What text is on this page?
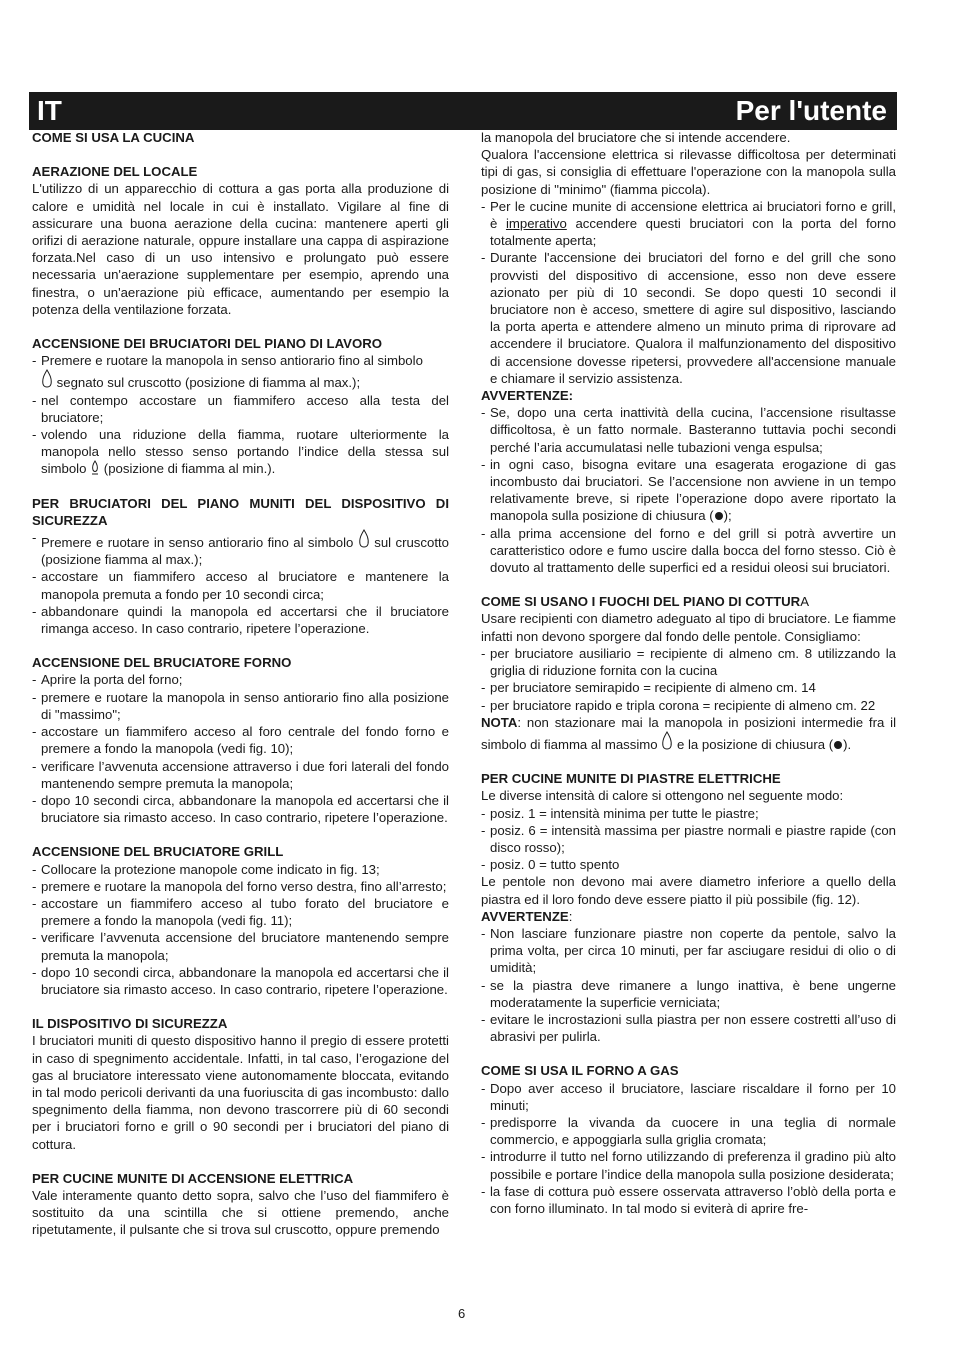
IT	Per l'utente

COME SI USA LA CUCINA

AERAZIONE DEL LOCALE

L'utilizzo di un apparecchio di cottura a gas porta alla produzione di calore e umidità nel locale in cui è installato. Vigilare al fine di assicurare una buona aerazione della cucina: mantenere aperti gli orifizi di aerazione naturale, oppure installare una cappa di aspirazione forzata.Nel caso di un uso intensivo e prolungato può essere necessaria un'aerazione supplementare per esempio, aprendo una finestra, o un'aerazione più efficace, aumentando per esempio la potenza della ventilazione forzata.

ACCENSIONE DEI BRUCIATORI DEL PIANO DI LAVORO

- Premere e ruotare la manopola in senso antiorario fino al simbolo
segnato sul cruscotto (posizione di fiamma al max.);
- nel contempo accostare un fiammifero acceso alla testa del bruciatore;
- volendo una riduzione della fiamma, ruotare ulteriormente la manopola nello stesso senso portando l’indice della stessa sul simbolo (posizione di fiamma al min.).

PER BRUCIATORI DEL PIANO MUNITI DEL DISPOSITIVO DI SICUREZZA

- Premere e ruotare in senso antiorario fino al simbolo sul cruscotto (posizione fiamma al max.);
- accostare un fiammifero acceso al bruciatore e mantenere la manopola premuta a fondo per 10 secondi circa;
- abbandonare quindi la manopola ed accertarsi che il bruciatore rimanga acceso. In caso contrario, ripetere l’operazione.

ACCENSIONE DEL BRUCIATORE FORNO

- Aprire la porta del forno;
- premere e ruotare la manopola in senso antiorario fino alla posizione di "massimo";
- accostare un fiammifero acceso al foro centrale del fondo forno e premere a fondo la manopola (vedi fig. 10);
- verificare l’avvenuta accensione attraverso i due fori laterali del fondo mantenendo sempre premuta la manopola;
- dopo 10 secondi circa, abbandonare la manopola ed accertarsi che il bruciatore sia rimasto acceso. In caso contrario, ripetere l’operazione.

ACCENSIONE DEL BRUCIATORE GRILL

- Collocare la protezione manopole come indicato in fig. 13;
- premere e ruotare la manopola del forno verso destra, fino all’arresto;
- accostare un fiammifero acceso al tubo forato del bruciatore e premere a fondo la manopola (vedi fig. 11);
- verificare l’avvenuta accensione del bruciatore mantenendo sempre premuta la manopola;
- dopo 10 secondi circa, abbandonare la manopola ed accertarsi che il bruciatore sia rimasto acceso. In caso contrario, ripetere l’operazione.

IL DISPOSITIVO DI SICUREZZA

I bruciatori muniti di questo dispositivo hanno il pregio di essere protetti in caso di spegnimento accidentale. Infatti, in tal caso, l’erogazione del gas al bruciatore interessato viene autonomamente bloccata, evitando in tal modo pericoli derivanti da una fuoriuscita di gas incombusto: dallo spegnimento della fiamma, non devono trascorrere più di 60 secondi per i bruciatori forno e grill o 90 secondi per i bruciatori del piano di cottura.

PER CUCINE MUNITE DI ACCENSIONE ELETTRICA

Vale interamente quanto detto sopra, salvo che l’uso del fiammifero è sostituito da una scintilla che si ottiene premendo, anche ripetutamente, il pulsante che si trova sul cruscotto, oppure premendo

la manopola del bruciatore che si intende accendere.

Qualora l'accensione elettrica si rilevasse difficoltosa per determinati tipi di gas, si consiglia di effettuare l'operazione con la manopola sulla posizione di "minimo" (fiamma piccola).

- Per le cucine munite di accensione elettrica ai bruciatori forno e grill, è imperativo accendere questi bruciatori con la porta del forno totalmente aperta;
- Durante l'accensione dei bruciatori del forno e del grill che sono provvisti del dispositivo di accensione, esso non deve essere azionato per più di 10 secondi. Se dopo questi 10 secondi il bruciatore non è acceso, smettere di agire sul dispositivo, lasciando la porta aperta e attendere almeno un minuto prima di riprovare ad accendere il bruciatore. Qualora il malfunzionamento del dispositivo di accensione dovesse ripetersi, provvedere all'accensione manuale e chiamare il servizio assistenza.

AVVERTENZE:

- Se, dopo una certa inattività della cucina, l’accensione risultasse difficoltosa, è un fatto normale. Basteranno tuttavia pochi secondi perché l’aria accumulatasi nelle tubazioni venga espulsa;
- in ogni caso, bisogna evitare una esagerata erogazione di gas incombusto dai bruciatori. Se l’accensione non avviene in un tempo relativamente breve, si ripete l’operazione dopo avere riportato la manopola sulla posizione di chiusura ( );
- alla prima accensione del forno e del grill si potrà avvertire un caratteristico odore e fumo uscire dalla bocca del forno stesso. Ciò è dovuto al trattamento delle superfici ed a residui oleosi sui bruciatori.

COME SI USANO I FUOCHI DEL PIANO DI COTTURA

Usare recipienti con diametro adeguato al tipo di bruciatore. Le fiamme infatti non devono sporgere dal fondo delle pentole. Consigliamo:

- per bruciatore ausiliario = recipiente di almeno cm. 8 utilizzando la griglia di riduzione fornita con la cucina
- per bruciatore semirapido = recipiente di almeno cm. 14
- per bruciatore rapido e tripla corona = recipiente di almeno cm. 22

NOTA: non stazionare mai la manopola in posizioni intermedie fra il simbolo di fiamma al massimo e la posizione di chiusura ( ).

PER CUCINE MUNITE DI PIASTRE ELETTRICHE

Le diverse intensità di calore si ottengono nel seguente modo:

- posiz. 1 = intensità minima per tutte le piastre;
- posiz. 6 = intensità massima per piastre normali e piastre rapide (con disco rosso);
- posiz. 0 = tutto spento

Le pentole non devono mai avere diametro inferiore a quello della piastra ed il loro fondo deve essere piatto il più possibile (fig. 12).

AVVERTENZE:

- Non lasciare funzionare piastre non coperte da pentole, salvo la prima volta, per circa 10 minuti, per far asciugare residui di olio o di umidità;
- se la piastra deve rimanere a lungo inattiva, è bene ungerne moderatamente la superficie verniciata;
- evitare le incrostazioni sulla piastra per non essere costretti all’uso di abrasivi per pulirla.

COME SI USA IL FORNO A GAS

- Dopo aver acceso il bruciatore, lasciare riscaldare il forno per 10 minuti;
- predisporre la vivanda da cuocere in una teglia di normale commercio, e appoggiarla sulla griglia cromata;
- introdurre il tutto nel forno utilizzando di preferenza il gradino più alto possibile e portare l’indice della manopola sulla posizione desiderata;
- la fase di cottura può essere osservata attraverso l’oblò della porta e con forno illuminato. In tal modo si eviterà di aprire fre-
6
